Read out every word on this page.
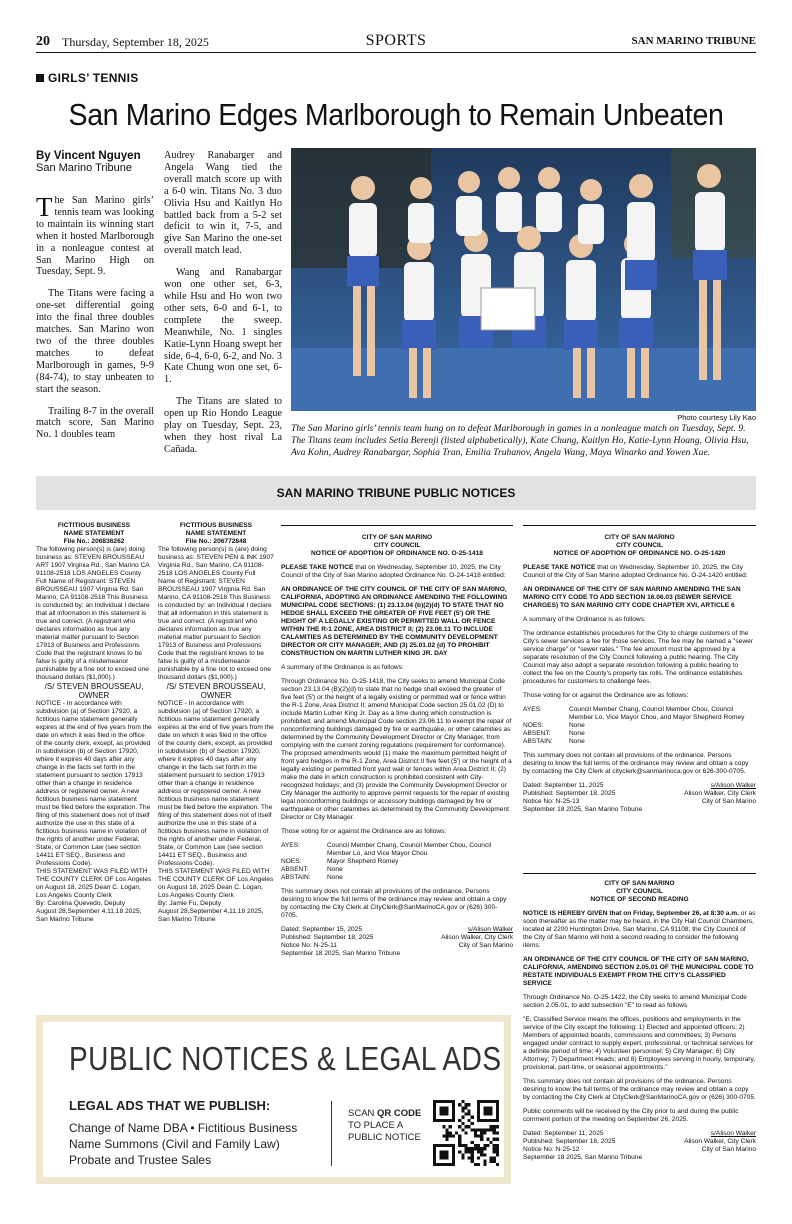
20 Thursday, September 18, 2025	SPORTS	SAN MARINO TRIBUNE
GIRLS’ TENNIS
San Marino Edges Marlborough to Remain Unbeaten
By Vincent Nguyen
San Marino Tribune
The San Marino girls’ tennis team was looking to maintain its winning start when it hosted Marlborough in a nonleague contest at San Marino High on Tuesday, Sept. 9.
The Titans were facing a one-set differential going into the final three doubles matches. San Marino won two of the three doubles matches to defeat Marlborough in games, 9-9 (84-74), to stay unbeaten to start the season.
Trailing 8-7 in the overall match score, San Marino No. 1 doubles team
Audrey Ranabarger and Angela Wang tied the overall match score up with a 6-0 win. Titans No. 3 duo Olivia Hsu and Kaitlyn Ho battled back from a 5-2 set deficit to win it, 7-5, and give San Marino the one-set overall match lead.
Wang and Ranabargar won one other set, 6-3, while Hsu and Ho won two other sets, 6-0 and 6-1, to complete the sweep. Meanwhile, No. 1 singles Katie-Lynn Hoang swept her side, 6-4, 6-0, 6-2, and No. 3 Kate Chung won one set, 6-1.
The Titans are slated to open up Rio Hondo League play on Tuesday, Sept. 23, when they host rival La Cañada.
Photo courtesy Lily Kao
The San Marino girls’ tennis team hung on to defeat Marlborough in games in a nonleague match on Tuesday, Sept. 9. The Titans team includes Setia Berenji (listed alphabetically), Kate Chung, Kaitlyn Ho, Katie-Lynn Hoang, Olivia Hsu, Ava Kohn, Audrey Ranabargar, Sophia Tran, Emilia Truhanov, Angela Wang, Maya Winarko and Yowen Xue.
SAN MARINO TRIBUNE PUBLIC NOTICES
FICTITIOUS BUSINESS
NAME STATEMENT
File No.: 206836262
The following person(s) is (are) doing business as: STEVEN BROUSSEAU ART 1907 Virginia Rd., San Marino CA 91108-2518 LOS ANGELES County Full Name of Registrant: STEVEN BROUSSEAU 1907 Virginia Rd. San Marino, CA 91108-2518 This Business is conducted by: an Individual I declare that all information in this statement is true and correct. (A registrant who declares information as true any material matter pursuant to Section 17913 of Business and Professions Code that the registrant knows to be false is guilty of a misdemeanor punishable by a fine not to exceed one thousand dollars ($1,000).)
/S/ STEVEN BROUSSEAU, OWNER
NOTICE - In accordance with subdivision (a) of Section 17920, a fictitious name statement generally expires at the end of five years from the date on which it was filed in the office of the county clerk, except, as provided in subdivision (b) of Section 17920, where it expires 40 days after any change in the facts set forth in the statement pursuant to section 17913 other than a change in residence address or registered owner. A new fictitious business name statement must be filed before the expiration. The filing of this statement does not of itself authorize the use in this state of a fictitious business name in violation of the rights of another under Federal, State, or Common Law (see section 14411 ET SEQ., Business and Professions Code).
THIS STATEMENT WAS FILED WITH THE COUNTY CLERK OF Los Angeles on August 18, 2025 Dean C. Logan, Los Angeles County Clerk
By: Carolina Quevedo, Deputy
August 28,September 4,11,18 2025, San Marino Tribune
FICTITIOUS BUSINESS
NAME STATEMENT
File No.: 206772848
The following person(s) is (are) doing business as: STEVEN PEN & INK 1907 Virginia Rd., San Marino, CA 91108-2518 LOS ANGELES County Full Name of Registrant: STEVEN BROUSSEAU 1907 Virginia Rd. San Marino, CA 91108-2518 This Business is conducted by: an Individual I declare that all information in this statement is true and correct. (A registrant who declares information as true any material matter pursuant to Section 17913 of Business and Professions Code that the registrant knows to be false is guilty of a misdemeanor punishable by a fine not to exceed one thousand dollars ($1,000).)
/S/ STEVEN BROUSSEAU, OWNER
NOTICE - In accordance with subdivision (a) of Section 17920, a fictitious name statement generally expires at the end of five years from the date on which it was filed in the office of the county clerk, except, as provided in subdivision (b) of Section 17920, where it expires 40 days after any change in the facts set forth in the statement pursuant to section 17913 other than a change in residence address or registered owner. A new fictitious business name statement must be filed before the expiration. The filing of this statement does not of itself authorize the use in this state of a fictitious business name in violation of the rights of another under Federal, State, or Common Law (see section 14411 ET SEQ., Business and Professions Code).
THIS STATEMENT WAS FILED WITH THE COUNTY CLERK OF Los Angeles on August 18, 2025 Dean C. Logan, Los Angeles County Clerk
By: Jamie Fu, Deputy
August 28,September 4,11,18 2025, San Marino Tribune
CITY OF SAN MARINO
CITY COUNCIL
NOTICE OF ADOPTION OF ORDINANCE NO. O-25-1418
PLEASE TAKE NOTICE that on Wednesday, September 10, 2025, the City Council of the City of San Marino adopted Ordinance No. O-24-1418 entitled:
AN ORDINANCE OF THE CITY COUNCIL OF THE CITY OF SAN MARINO, CALIFORNIA, ADOPTING AN ORDINANCE AMENDING THE FOLLOWING MUNICIPAL CODE SECTIONS: (1) 23.13.04 (b)(2)(d) TO STATE THAT NO HEDGE SHALL EXCEED THE GREATER OF FIVE FEET (5') OR THE HEIGHT OF A LEGALLY EXISTING OR PERMITTED WALL OR FENCE WITHIN THE R-1 ZONE, AREA DISTRICT II; (2) 23.06.11 TO INCLUDE CALAMITIES AS DETERMINED BY THE COMMUNITY DEVELOPMENT DIRECTOR OR CITY MANAGER; AND (3) 25.01.02 (d) TO PROHIBIT CONSTRUCTION ON MARTIN LUTHER KING JR. DAY
A summary of the Ordinance is as follows:
Through Ordinance No. O-25-1418, the City seeks to amend Municipal Code section 23.13.04 (B)(2)(d) to state that no hedge shall exceed the greater of five feet (5') or the height of a legally existing or permitted wall or fence within the R-1 Zone, Area District II; amend Municipal Code section 25.01.02 (D) to include Martin Luther King Jr. Day as a time during which construction is prohibited; and amend Municipal Code section 23.06.11 to exempt the repair of nonconforming buildings damaged by fire or earthquake, or other calamities as determined by the Community Development Director or City Manager, from complying with the current zoning regulations (requirement for conformance). The proposed amendments would (1) make the maximum permitted height of front yard hedges in the R-1 Zone, Area District II five feet (5') or the height of a legally existing or permitted front yard wall or fences within Area District II; (2) make the date in which construction is prohibited consistent with City-recognized holidays; and (3) provide the Community Development Director or City Manager the authority to approve permit requests for the repair of existing legal nonconforming buildings or accessory buildings damaged by fire or earthquake or other calamities as determined by the Community Development Director or City Manager.
Those voting for or against the Ordinance are as follows:
AYES:	Council Member Chang, Council Member Chou, Council Member Lo, and Vice Mayor Chou
NOES:	Mayor Shepherd Romey
ABSENT:	None
ABSTAIN:	None
This summary does not contain all provisions of the ordinance. Persons desiring to know the full terms of the ordinance may review and obtain a copy by contacting the City Clerk at CityClerk@SanMarinoCA.gov or (626) 300-0705.
Dated: September 15, 2025	s/Alison Walker
Published: September 18, 2025	Alison Walker, City Clerk
Notice No: N-25-11	City of San Marino
September 18 2025, San Marino Tribune
CITY OF SAN MARINO
CITY COUNCIL
NOTICE OF ADOPTION OF ORDINANCE NO. O-25-1420
PLEASE TAKE NOTICE that on Wednesday, September 10, 2025, the City Council of the City of San Marino adopted Ordinance No. O-24-1420 entitled:
AN ORDINANCE OF THE CITY OF SAN MARINO AMENDING THE SAN MARINO CITY CODE TO ADD SECTION 16.06.03 (SEWER SERVICE CHARGES) TO SAN MARINO CITY CODE CHAPTER XVI, ARTICLE 6
A summary of the Ordinance is as follows:
The ordinance establishes procedures for the City to charge customers of the City's sewer services a fee for those services. The fee may be named a "sewer service charge" or "sewer rates." The fee amount must be approved by a separate resolution of the City Council following a public hearing. The City Council may also adopt a separate resolution following a public hearing to collect the fee on the County's property tax rolls. The ordinance establishes procedures for customers to challenge fees.
Those voting for or against the Ordinance are as follows:
AYES:	Council Member Chang, Council Member Chou, Council Member Lo, Vice Mayor Chou, and Mayor Shepherd Romey
NOES:	None
ABSENT:	None
ABSTAIN:	None
This summary does not contain all provisions of the ordinance. Persons desiring to know the full terms of the ordinance may review and obtain a copy by contacting the City Clerk at cityclerk@sanmarinoca.gov or 626-300-0705.
Dated: September 11, 2025	s/Alison Walker
Published: September 18, 2025	Alison Walker, City Clerk
Notice No: N-25-13	City of San Marino
September 18 2025, San Marino Tribune
CITY OF SAN MARINO
CITY COUNCIL
NOTICE OF SECOND READING
NOTICE IS HEREBY GIVEN that on Friday, September 26, at 8:30 a.m. or as soon thereafter as the matter may be heard, in the City Hall Council Chambers, located at 2200 Huntington Drive, San Marino, CA 91108; the City Council of the City of San Marino will hold a second reading to consider the following items:
AN ORDINANCE OF THE CITY COUNCIL OF THE CITY OF SAN MARINO, CALIFORNIA, AMENDING SECTION 2.05.01 OF THE MUNICIPAL CODE TO RESTATE INDIVIDUALS EXEMPT FROM THE CITY'S CLASSIFIED SERVICE
Through Ordinance No. O-25-1422, the City seeks to amend Municipal Code section 2.05.01, to add subsection "E" to read as follows
"E. Classified Service means the offices, positions and employments in the service of the City except the following: 1) Elected and appointed officers; 2) Members of appointed boards, commissions and committees; 3) Persons engaged under contract to supply expert, professional, or technical services for a definite period of time; 4) Volunteer personnel; 5) City Manager; 6) City Attorney; 7) Department Heads; and 8) Employees serving in hourly, temporary, provisional, part-time, or seasonal appointments."
This summary does not contain all provisions of the ordinance. Persons desiring to know the full terms of the ordinance may review and obtain a copy by contacting the City Clerk at CityClerk@SanMarinoCA.gov or (626) 300-0705.
Public comments will be received by the City prior to and during the public comment portion of the meeting on September 26, 2025.
Dated: September 11, 2025	s/Alison Walker
Published: September 18, 2025	Alison Walker, City Clerk
Notice No: N-25-12	City of San Marino
September 18 2025, San Marino Tribune
PUBLIC NOTICES & LEGAL ADS
LEGAL ADS THAT WE PUBLISH:
Change of Name DBA • Fictitious Business
Name Summons (Civil and Family Law)
Probate and Trustee Sales
SCAN QR CODE
TO PLACE A
PUBLIC NOTICE
